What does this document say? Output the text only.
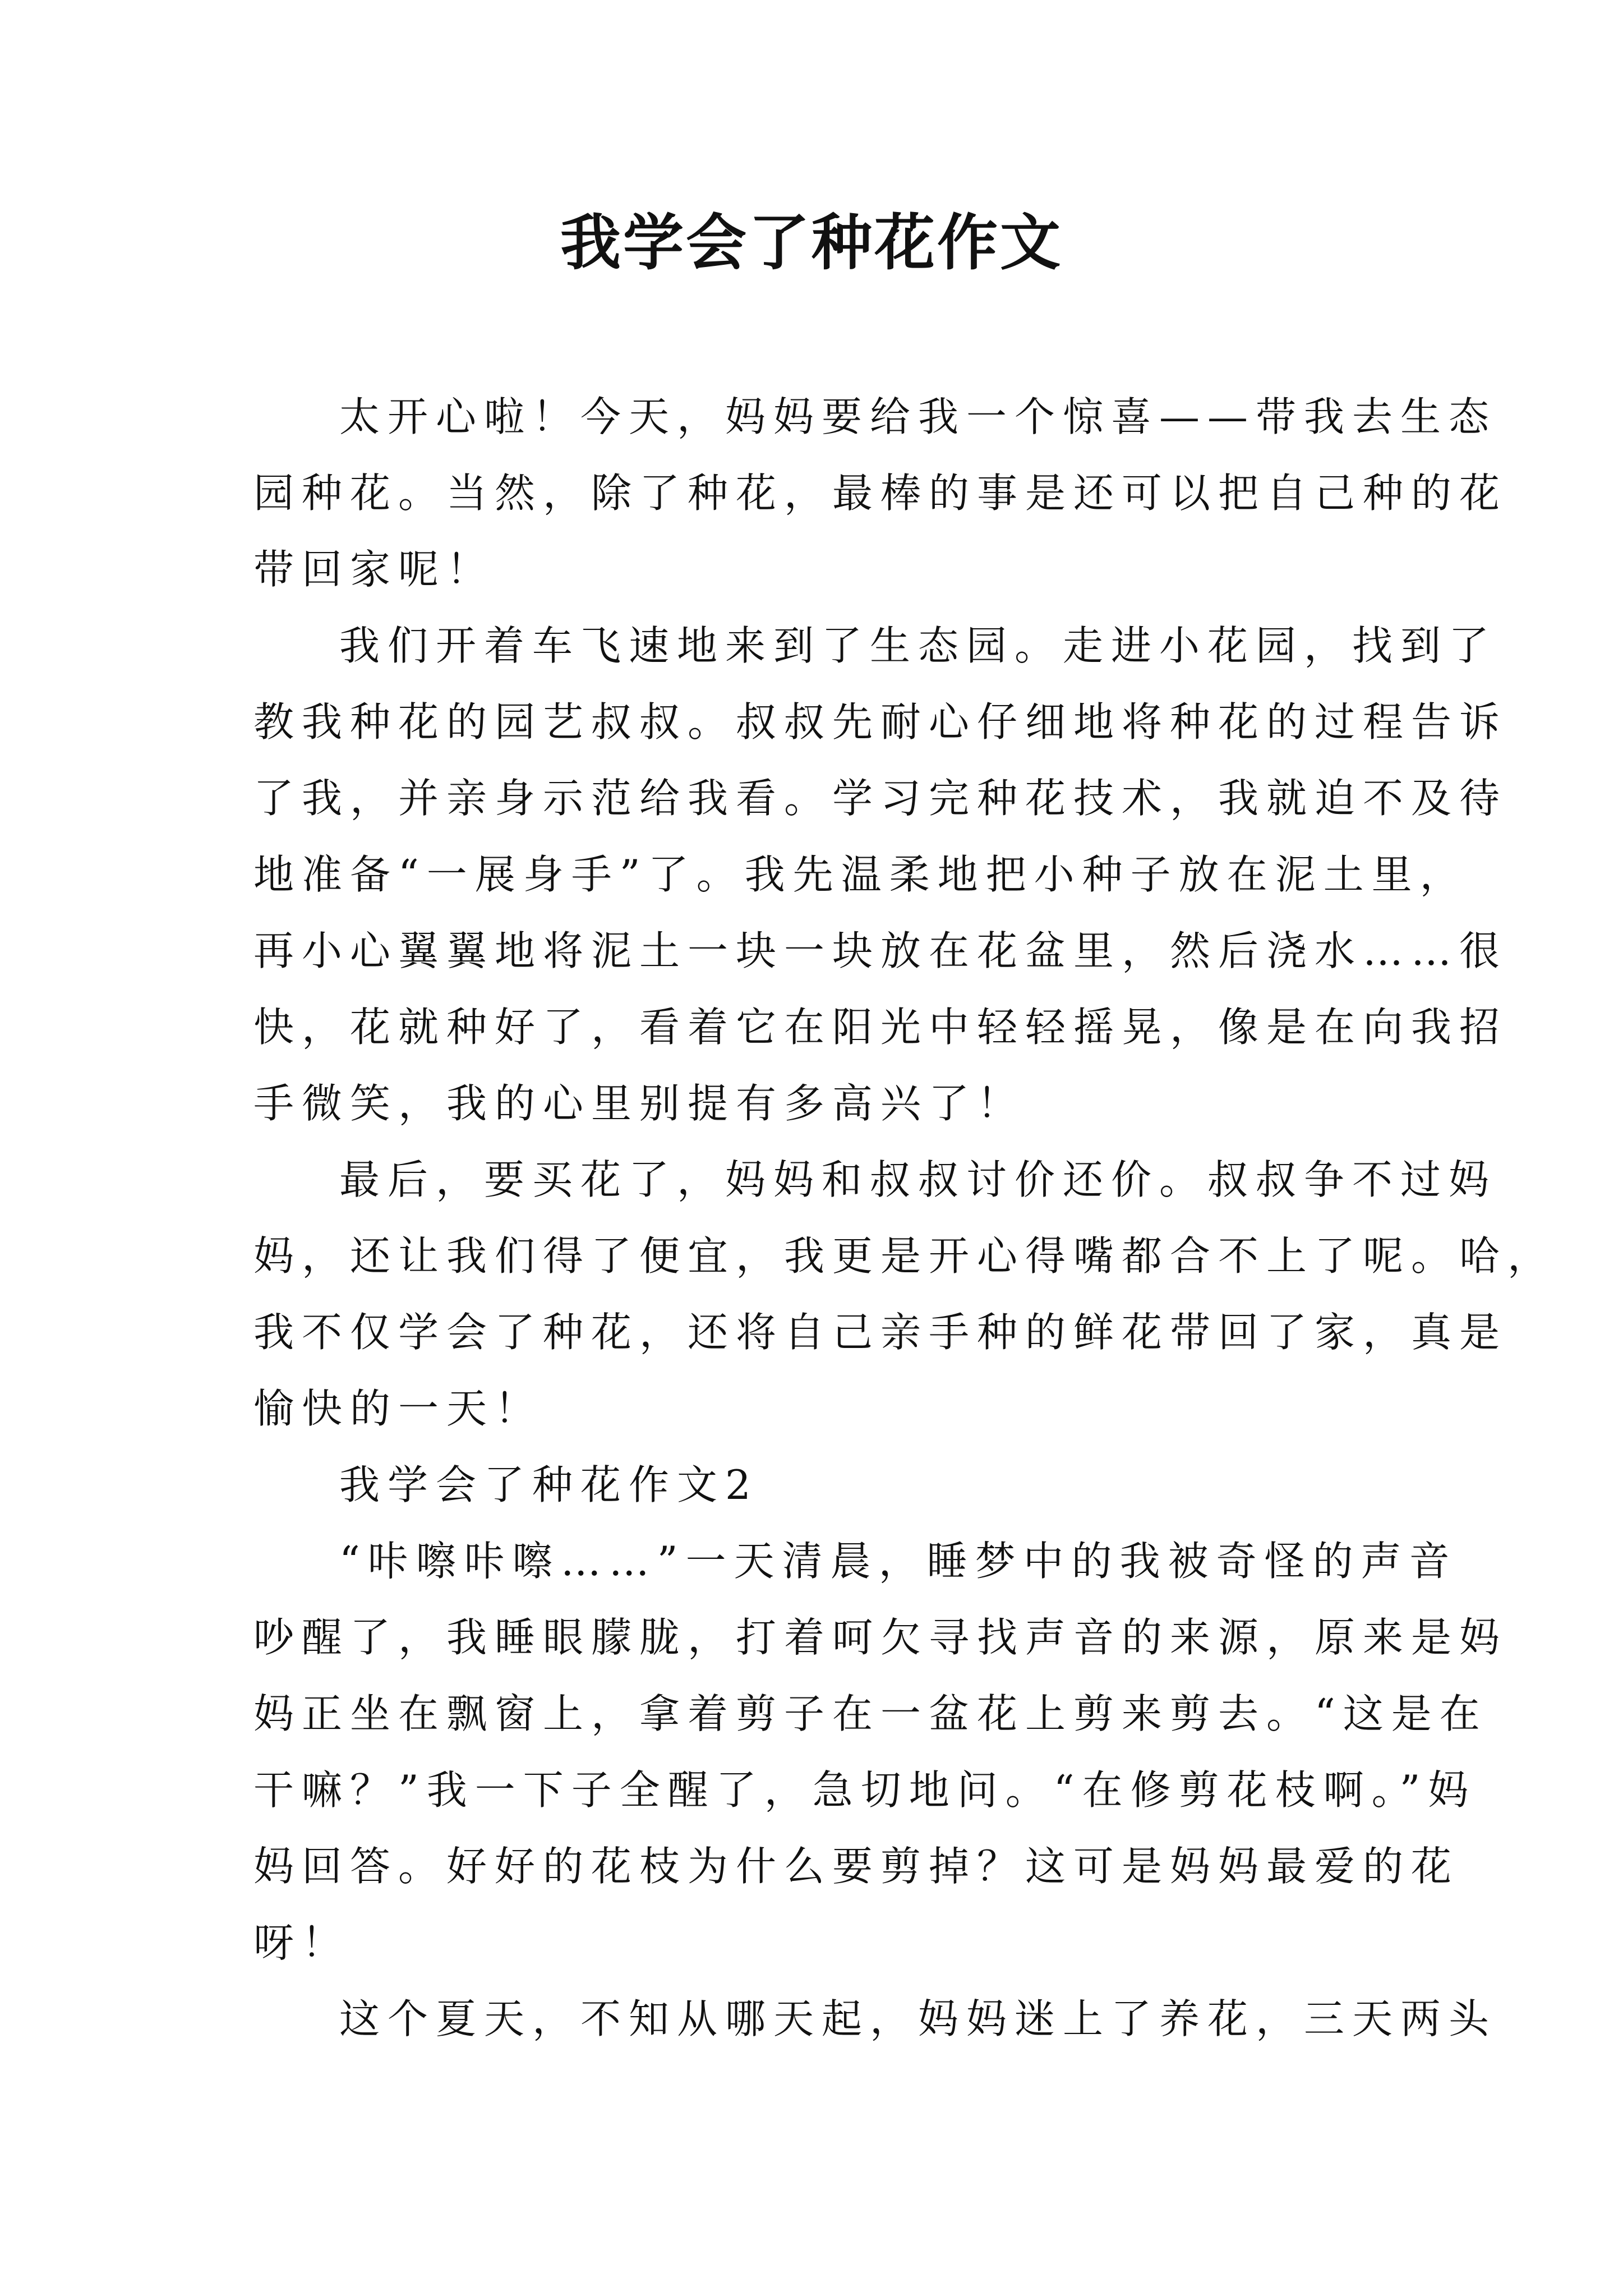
我学会了种花作文

太开心啦！今天，妈妈要给我一个惊喜——带我去生态

园种花。当然，除了种花，最棒的事是还可以把自己种的花

带回家呢！

我们开着车飞速地来到了生态园。走进小花园，找到了

教我种花的园艺叔叔。叔叔先耐心仔细地将种花的过程告诉

了我，并亲身示范给我看。学习完种花技术，我就迫不及待

地准备“一展身手”了。我先温柔地把小种子放在泥土里，

再小心翼翼地将泥土一块一块放在花盆里，然后浇水……很

快，花就种好了，看着它在阳光中轻轻摇晃，像是在向我招

手微笑，我的心里别提有多高兴了！

最后，要买花了，妈妈和叔叔讨价还价。叔叔争不过妈

妈，还让我们得了便宜，我更是开心得嘴都合不上了呢。哈，

我不仅学会了种花，还将自己亲手种的鲜花带回了家，真是

愉快的一天！

我学会了种花作文2

“咔嚓咔嚓……”一天清晨，睡梦中的我被奇怪的声音

吵醒了，我睡眼朦胧，打着呵欠寻找声音的来源，原来是妈

妈正坐在飘窗上，拿着剪子在一盆花上剪来剪去。“这是在

干嘛？”我一下子全醒了，急切地问。“在修剪花枝啊。”妈

妈回答。好好的花枝为什么要剪掉？这可是妈妈最爱的花

呀！

这个夏天，不知从哪天起，妈妈迷上了养花，三天两头
